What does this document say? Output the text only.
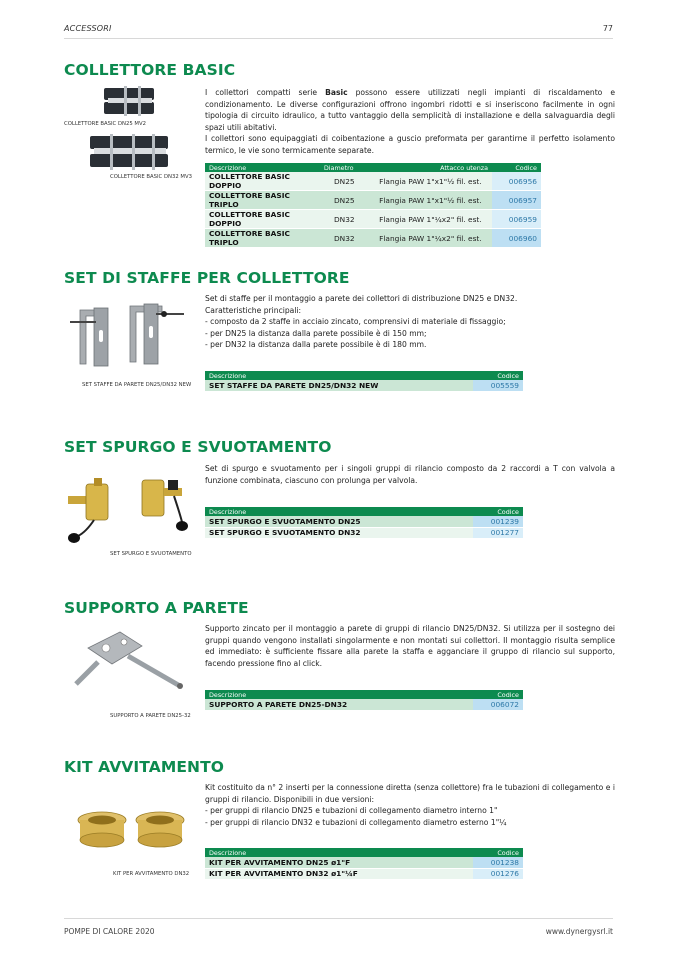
ACCESSORI	77
COLLETTORE BASIC
COLLETTORE BASIC DN25 MV2
COLLETTORE BASIC DN32 MV3

I collettori compatti serie Basic possono essere utilizzati negli impianti di riscaldamento e condizionamento. Le diverse configurazioni offrono ingombri ridotti e si inseriscono facilmente in ogni tipologia di circuito idraulico, a tutto vantaggio della semplicità di installazione e della salvaguardia degli spazi utili abitativi.

I collettori sono equipaggiati di coibentazione a guscio preformata per garantirne il perfetto isolamento termico, le vie sono termicamente separate.

Descrizione	Diametro	Attacco utenza	Codice
COLLETTORE BASIC DOPPIO	DN25	Flangia PAW 1"x1"½ fil. est.	006956
COLLETTORE BASIC TRIPLO	DN25	Flangia PAW 1"x1"½ fil. est.	006957
COLLETTORE BASIC DOPPIO	DN32	Flangia PAW 1"¼x2" fil. est.	006959
COLLETTORE BASIC TRIPLO	DN32	Flangia PAW 1"¼x2" fil. est.	006960
SET DI STAFFE PER COLLETTORE
SET STAFFE DA PARETE DN25/DN32 NEW

Set di staffe per il montaggio a parete dei collettori di distribuzione DN25 e DN32.

Caratteristiche principali:

- composto da 2 staffe in acciaio zincato, comprensivi di materiale di fissaggio;

- per DN25 la distanza dalla parete possibile è di 150 mm;

- per DN32 la distanza dalla parete possibile è di 180 mm.

Descrizione	Codice
SET STAFFE DA PARETE DN25/DN32 NEW	005559
SET SPURGO E SVUOTAMENTO
SET SPURGO E SVUOTAMENTO

Set di spurgo e svuotamento per i singoli gruppi di rilancio composto da 2 raccordi a T con valvola a funzione combinata, ciascuno con prolunga per valvola.

Descrizione	Codice
SET SPURGO E SVUOTAMENTO DN25	001239
SET SPURGO E SVUOTAMENTO DN32	001277
SUPPORTO A PARETE
SUPPORTO A PARETE DN25-32

Supporto zincato per il montaggio a parete di gruppi di rilancio DN25/DN32. Si utilizza per il sostegno dei gruppi quando vengono installati singolarmente e non montati sui collettori. Il montaggio risulta semplice ed immediato: è sufficiente fissare alla parete la staffa e agganciare il gruppo di rilancio sul supporto, facendo pressione fino al click.

Descrizione	Codice
SUPPORTO A PARETE DN25-DN32	006072
KIT AVVITAMENTO
KIT PER AVVITAMENTO DN32

Kit costituito da n° 2 inserti per la connessione diretta (senza collettore) fra le tubazioni di collegamento e i gruppi di rilancio. Disponibili in due versioni:

- per gruppi di rilancio DN25 e tubazioni di collegamento diametro interno 1"

- per gruppi di rilancio DN32 e tubazioni di collegamento diametro esterno 1"¼

Descrizione	Codice
KIT PER AVVITAMENTO DN25 ø1"F	001238
KIT PER AVVITAMENTO DN32 ø1"¼F	001276
POMPE DI CALORE 2020	www.dynergysrl.it
